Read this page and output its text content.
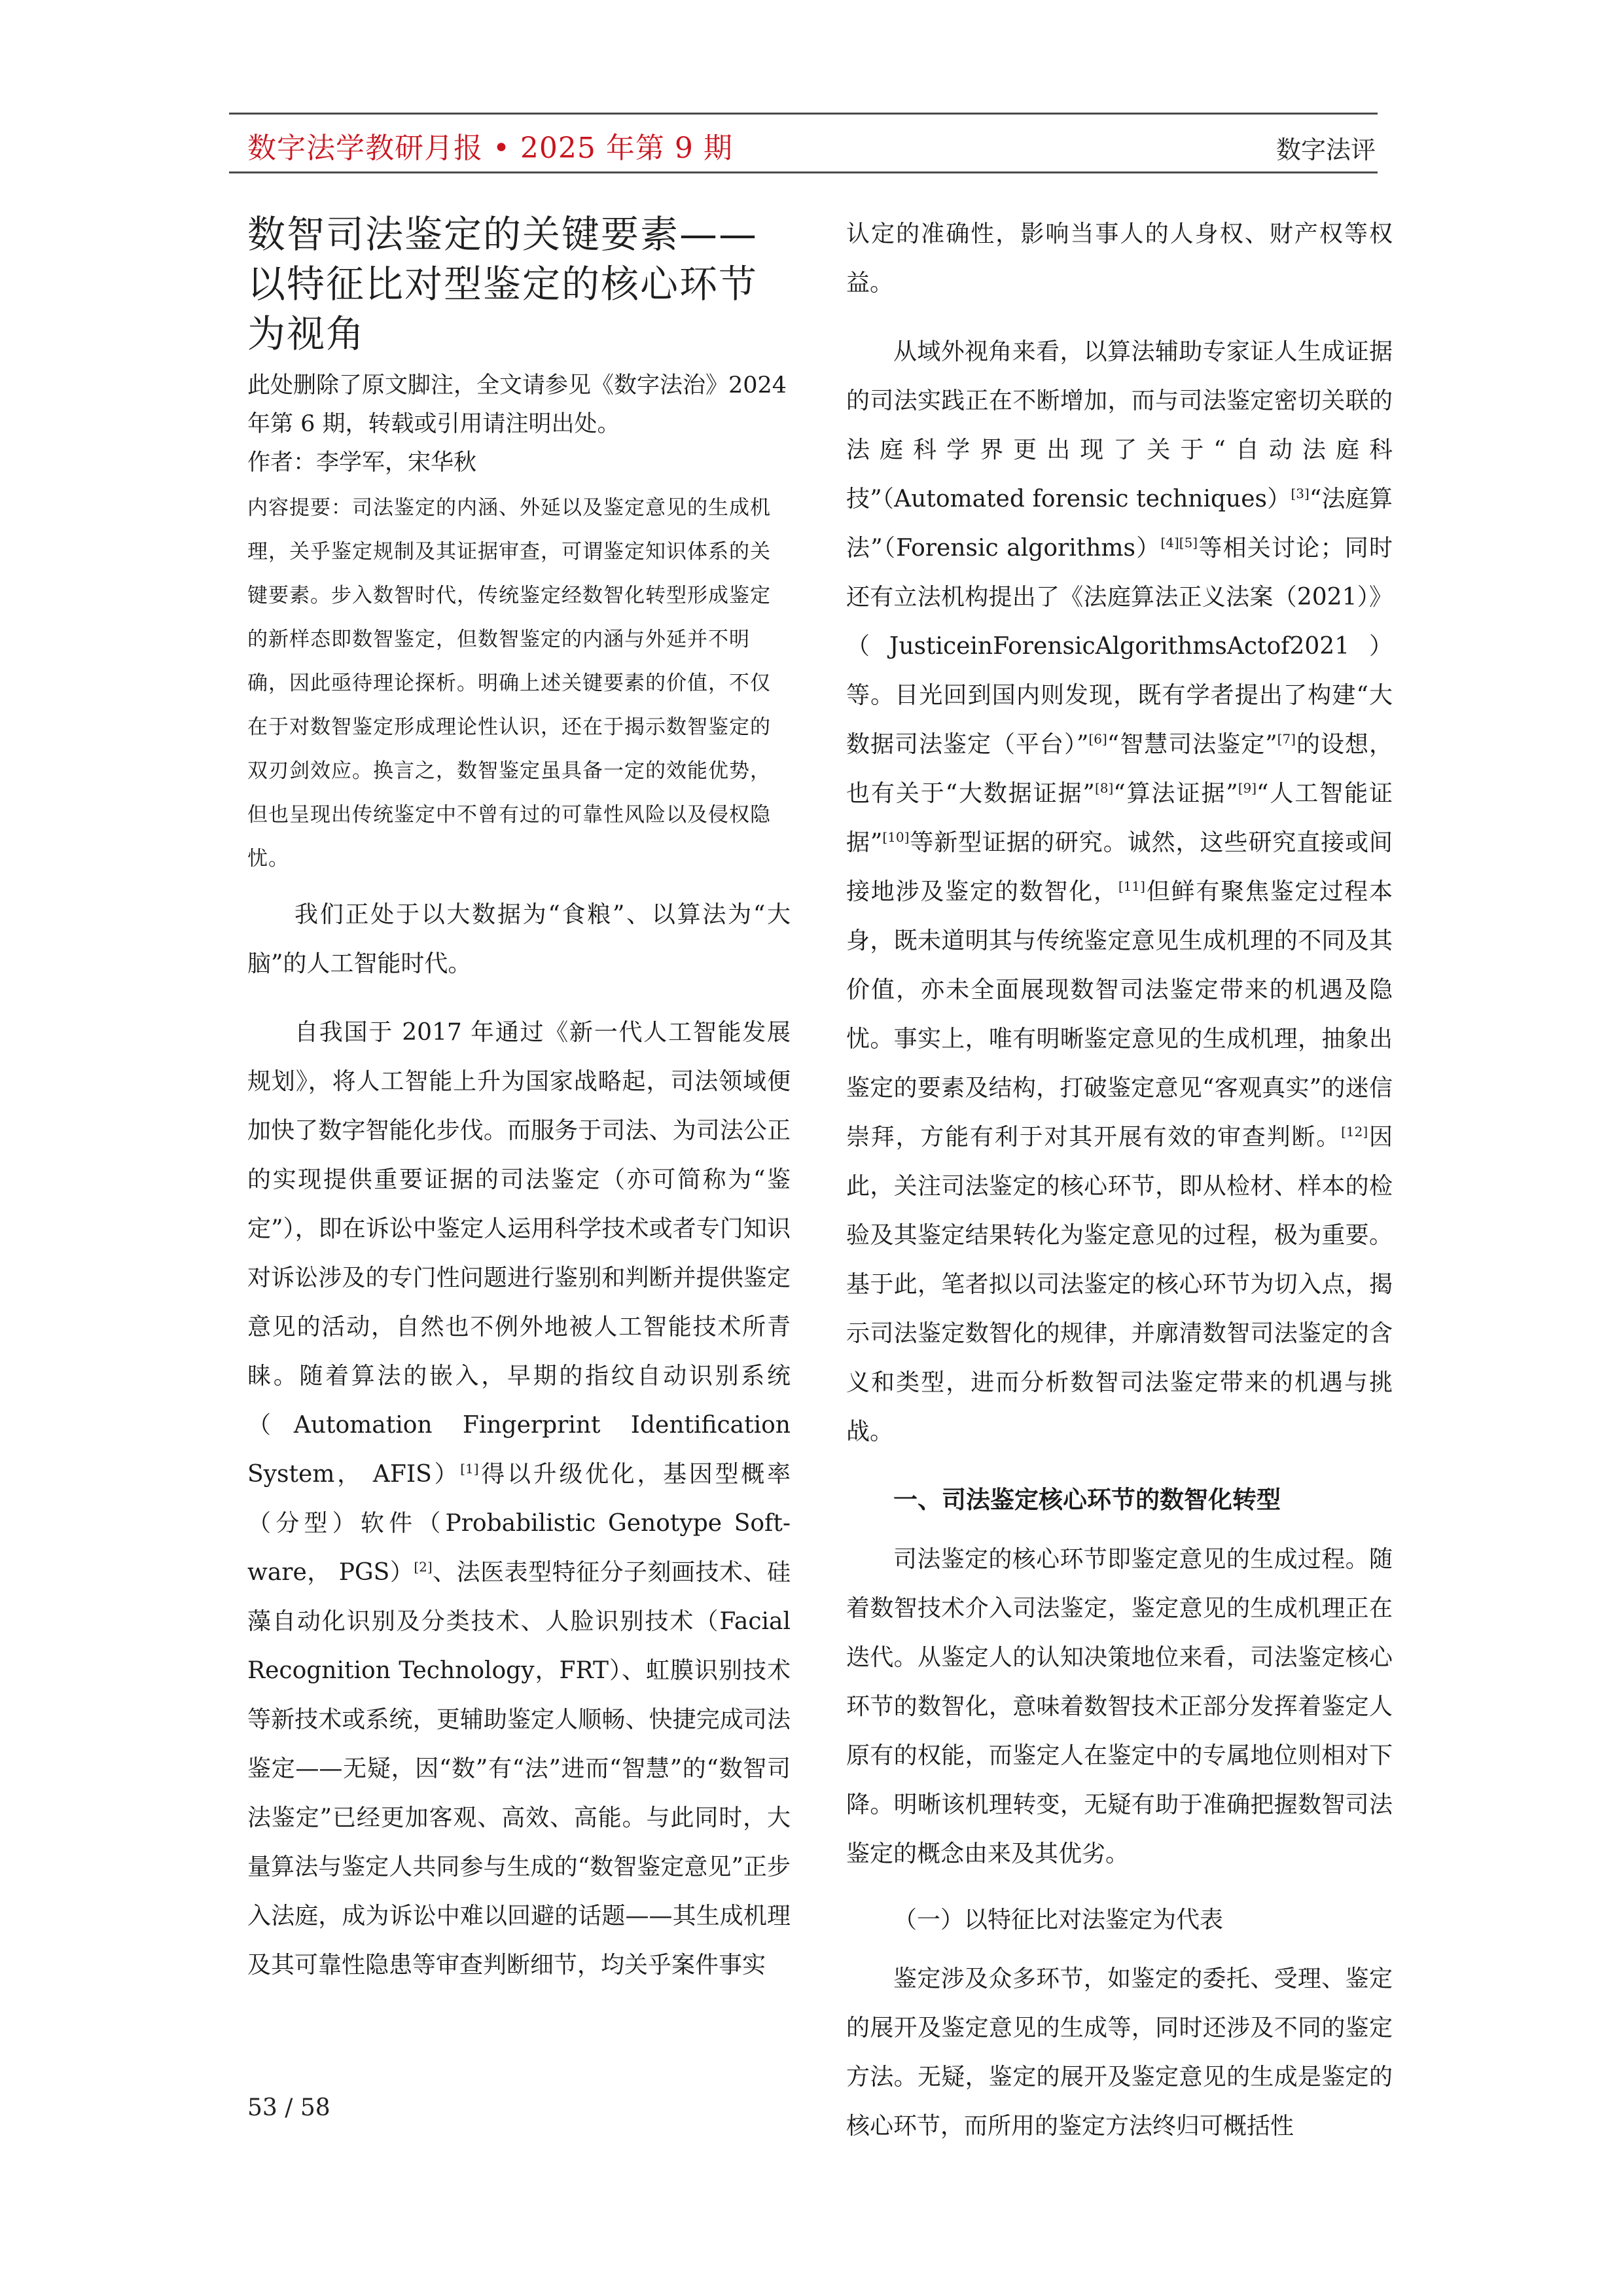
数字法学教研月报 • 2025 年第 9 期	数字法评
数智司法鉴定的关键要素——以特征比对型鉴定的核心环节为视角

此处删除了原文脚注，全文请参见《数字法治》2024年第 6 期，转载或引用请注明出处。

作者：李学军，宋华秋

内容提要：司法鉴定的内涵、外延以及鉴定意见的生成机理，关乎鉴定规制及其证据审查，可谓鉴定知识体系的关键要素。步入数智时代，传统鉴定经数智化转型形成鉴定的新样态即数智鉴定，但数智鉴定的内涵与外延并不明确，因此亟待理论探析。明确上述关键要素的价值，不仅在于对数智鉴定形成理论性认识，还在于揭示数智鉴定的双刃剑效应。换言之，数智鉴定虽具备一定的效能优势，但也呈现出传统鉴定中不曾有过的可靠性风险以及侵权隐忧。

我们正处于以大数据为“食粮”、以算法为“大脑”的人工智能时代。

自我国于 2017 年通过《新一代人工智能发展规划》，将人工智能上升为国家战略起，司法领域便加快了数字智能化步伐。而服务于司法、为司法公正的实现提供重要证据的司法鉴定（亦可简称为“鉴定”），即在诉讼中鉴定人运用科学技术或者专门知识对诉讼涉及的专门性问题进行鉴别和判断并提供鉴定意见的活动，自然也不例外地被人工智能技术所青睐。随着算法的嵌入，早期的指纹自动识别系统（Automation Fingerprint Identification System， AFIS）[1]得以升级优化，基因型概率（分型）软件（Probabilistic Genotype Soft-ware， PGS）[2]、法医表型特征分子刻画技术、硅藻自动化识别及分类技术、人脸识别技术（Facial Recognition Technology，FRT）、虹膜识别技术等新技术或系统，更辅助鉴定人顺畅、快捷完成司法鉴定——无疑，因“数”有“法”进而“智慧”的“数智司法鉴定”已经更加客观、高效、高能。与此同时，大量算法与鉴定人共同参与生成的“数智鉴定意见”正步入法庭，成为诉讼中难以回避的话题——其生成机理及其可靠性隐患等审查判断细节，均关乎案件事实

认定的准确性，影响当事人的人身权、财产权等权益。

从域外视角来看，以算法辅助专家证人生成证据的司法实践正在不断增加，而与司法鉴定密切关联的法庭科学界更出现了关于“自动法庭科技”（Automated forensic techniques）[3]“法庭算法”（Forensic algorithms）[4][5]等相关讨论；同时还有立法机构提出了《法庭算法正义法案（2021）》（JusticeinForensicAlgorithmsActof2021）等。目光回到国内则发现，既有学者提出了构建“大数据司法鉴定（平台）”[6]“智慧司法鉴定”[7]的设想，也有关于“大数据证据”[8]“算法证据”[9]“人工智能证据”[10]等新型证据的研究。诚然，这些研究直接或间接地涉及鉴定的数智化，[11]但鲜有聚焦鉴定过程本身，既未道明其与传统鉴定意见生成机理的不同及其价值，亦未全面展现数智司法鉴定带来的机遇及隐忧。事实上，唯有明晰鉴定意见的生成机理，抽象出鉴定的要素及结构，打破鉴定意见“客观真实”的迷信崇拜，方能有利于对其开展有效的审查判断。[12]因此，关注司法鉴定的核心环节，即从检材、样本的检验及其鉴定结果转化为鉴定意见的过程，极为重要。基于此，笔者拟以司法鉴定的核心环节为切入点，揭示司法鉴定数智化的规律，并廓清数智司法鉴定的含义和类型，进而分析数智司法鉴定带来的机遇与挑战。

一、司法鉴定核心环节的数智化转型

司法鉴定的核心环节即鉴定意见的生成过程。随着数智技术介入司法鉴定，鉴定意见的生成机理正在迭代。从鉴定人的认知决策地位来看，司法鉴定核心环节的数智化，意味着数智技术正部分发挥着鉴定人原有的权能，而鉴定人在鉴定中的专属地位则相对下降。明晰该机理转变，无疑有助于准确把握数智司法鉴定的概念由来及其优劣。

（一）以特征比对法鉴定为代表

鉴定涉及众多环节，如鉴定的委托、受理、鉴定的展开及鉴定意见的生成等，同时还涉及不同的鉴定方法。无疑，鉴定的展开及鉴定意见的生成是鉴定的核心环节，而所用的鉴定方法终归可概括性

53 / 58
